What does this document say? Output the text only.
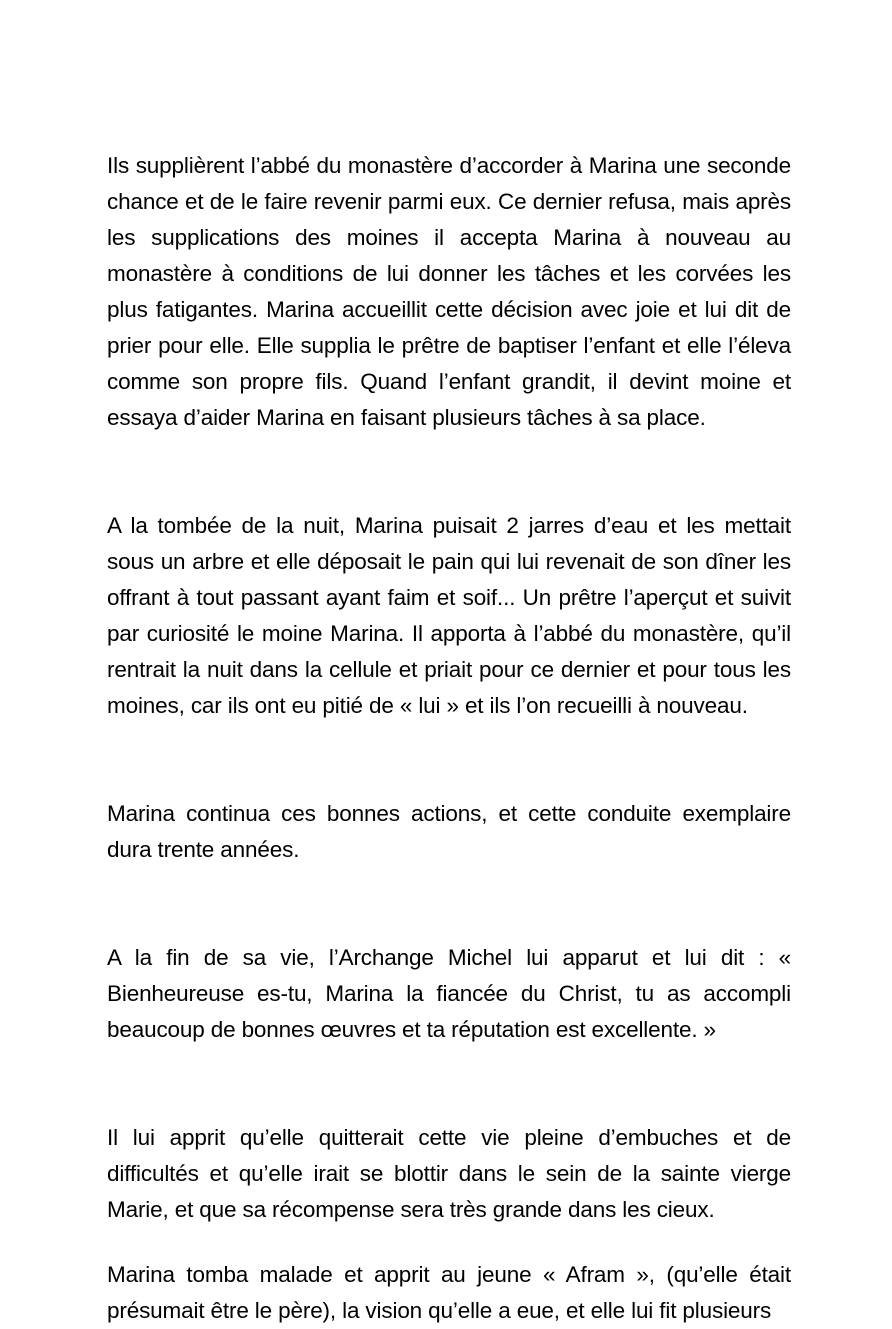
Ils supplièrent l’abbé du monastère d’accorder à Marina une seconde chance et de le faire revenir parmi eux. Ce dernier refusa, mais après les supplications des moines il accepta Marina à nouveau au monastère à conditions de lui donner les tâches et les corvées les plus fatigantes. Marina accueillit cette décision avec joie et lui dit de prier pour elle. Elle supplia le prêtre de baptiser l’enfant et elle l’éleva comme son propre fils. Quand l’enfant grandit, il devint moine et essaya d’aider Marina en faisant plusieurs tâches à sa place.

A la tombée de la nuit, Marina puisait 2 jarres d’eau et les mettait sous un arbre et elle déposait le pain qui lui revenait de son dîner les offrant à tout passant ayant faim et soif... Un prêtre l’aperçut et suivit par curiosité le moine Marina. Il apporta à l’abbé du monastère, qu’il rentrait la nuit dans la cellule et priait pour ce dernier et pour tous les moines, car ils ont eu pitié de « lui » et ils l’on recueilli à nouveau.

Marina continua ces bonnes actions, et cette conduite exemplaire dura trente années.

A la fin de sa vie, l’Archange Michel lui apparut et lui dit : « Bienheureuse es-tu, Marina la fiancée du Christ, tu as accompli beaucoup de bonnes œuvres et ta réputation est excellente. »

Il lui apprit qu’elle quitterait cette vie pleine d’embuches et de difficultés et qu’elle irait se blottir dans le sein de la sainte vierge Marie, et que sa récompense sera très grande dans les cieux.

Marina tomba malade et apprit au jeune « Afram », (qu’elle était présumait être le père), la vision qu’elle a eue, et elle lui fit plusieurs
